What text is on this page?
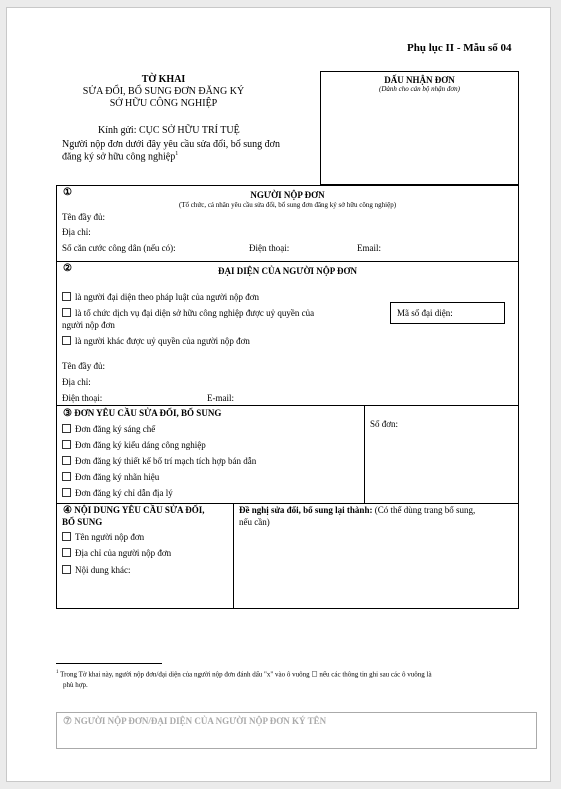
Phụ lục II - Mẫu số 04
TỜ KHAI
SỬA ĐỔI, BỔ SUNG ĐƠN ĐĂNG KÝ
SỞ HỮU CÔNG NGHIỆP
Kính gửi: CỤC SỞ HỮU TRÍ TUỆ
Người nộp đơn dưới đây yêu cầu sửa đổi, bổ sung đơn
đăng ký sở hữu công nghiệp$^1$
DẤU NHẬN ĐƠN
(Dành cho cán bộ nhận đơn)
①	NGƯỜI NỘP ĐƠN
(Tổ chức, cá nhân yêu cầu sửa đổi, bổ sung đơn đăng ký sở hữu công nghiệp)
Tên đầy đủ:
Địa chỉ:
Số căn cước công dân (nếu có):	Điện thoại:	Email:
②	ĐẠI DIỆN CỦA NGƯỜI NỘP ĐƠN
là người đại diện theo pháp luật của người nộp đơn
là tổ chức dịch vụ đại diện sở hữu công nghiệp được uỷ quyền của
người nộp đơn
là người khác được uỷ quyền của người nộp đơn
Mã số đại diện:
Tên đầy đủ:
Địa chỉ:
Điện thoại:	E-mail:
③ ĐƠN YÊU CẦU SỬA ĐỔI, BỔ SUNG
Đơn đăng ký sáng chế
Đơn đăng ký kiểu dáng công nghiệp
Đơn đăng ký thiết kế bố trí mạch tích hợp bán dẫn
Đơn đăng ký nhãn hiệu
Đơn đăng ký chỉ dẫn địa lý
Số đơn:
④ NỘI DUNG YÊU CẦU SỬA ĐỔI,
BỔ SUNG
Tên người nộp đơn
Địa chỉ của người nộp đơn
Nội dung khác:
Đề nghị sửa đổi, bổ sung lại thành: (Có thể dùng trang bổ sung,
nếu cần)
$^1$ Trong Tờ khai này, người nộp đơn/đại diện của người nộp đơn đánh dấu "x" vào ô vuông ☐ nếu các thông tin ghi sau các ô vuông là
phù hợp.
⑦ NGƯỜI NỘP ĐƠN/ĐẠI DIỆN CỦA NGƯỜI NỘP ĐƠN KÝ TÊN
